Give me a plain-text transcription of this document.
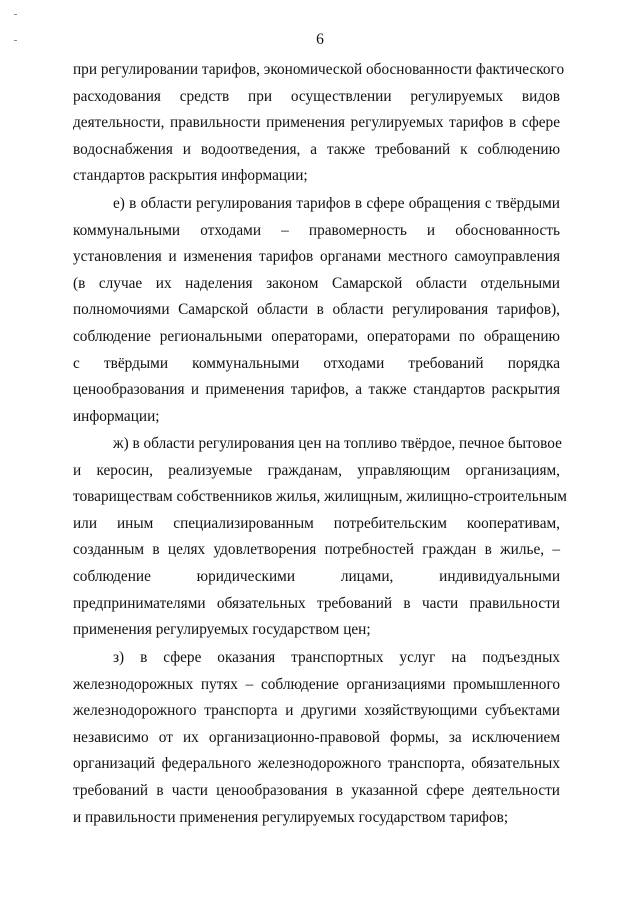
6
при регулировании тарифов, экономической обоснованности фактического
расходования средств при осуществлении регулируемых видов
деятельности, правильности применения регулируемых тарифов в сфере
водоснабжения и водоотведения, а также требований к соблюдению
стандартов раскрытия информации;
е) в области регулирования тарифов в сфере обращения с твёрдыми
коммунальными отходами – правомерность и обоснованность
установления и изменения тарифов органами местного самоуправления
(в случае их наделения законом Самарской области отдельными
полномочиями Самарской области в области регулирования тарифов),
соблюдение региональными операторами, операторами по обращению
с твёрдыми коммунальными отходами требований порядка
ценообразования и применения тарифов, а также стандартов раскрытия
информации;
ж) в области регулирования цен на топливо твёрдое, печное бытовое
и керосин, реализуемые гражданам, управляющим организациям,
товариществам собственников жилья, жилищным, жилищно-строительным
или иным специализированным потребительским кооперативам,
созданным в целях удовлетворения потребностей граждан в жилье, –
соблюдение юридическими лицами, индивидуальными
предпринимателями обязательных требований в части правильности
применения регулируемых государством цен;
з) в сфере оказания транспортных услуг на подъездных
железнодорожных путях – соблюдение организациями промышленного
железнодорожного транспорта и другими хозяйствующими субъектами
независимо от их организационно-правовой формы, за исключением
организаций федерального железнодорожного транспорта, обязательных
требований в части ценообразования в указанной сфере деятельности
и правильности применения регулируемых государством тарифов;
